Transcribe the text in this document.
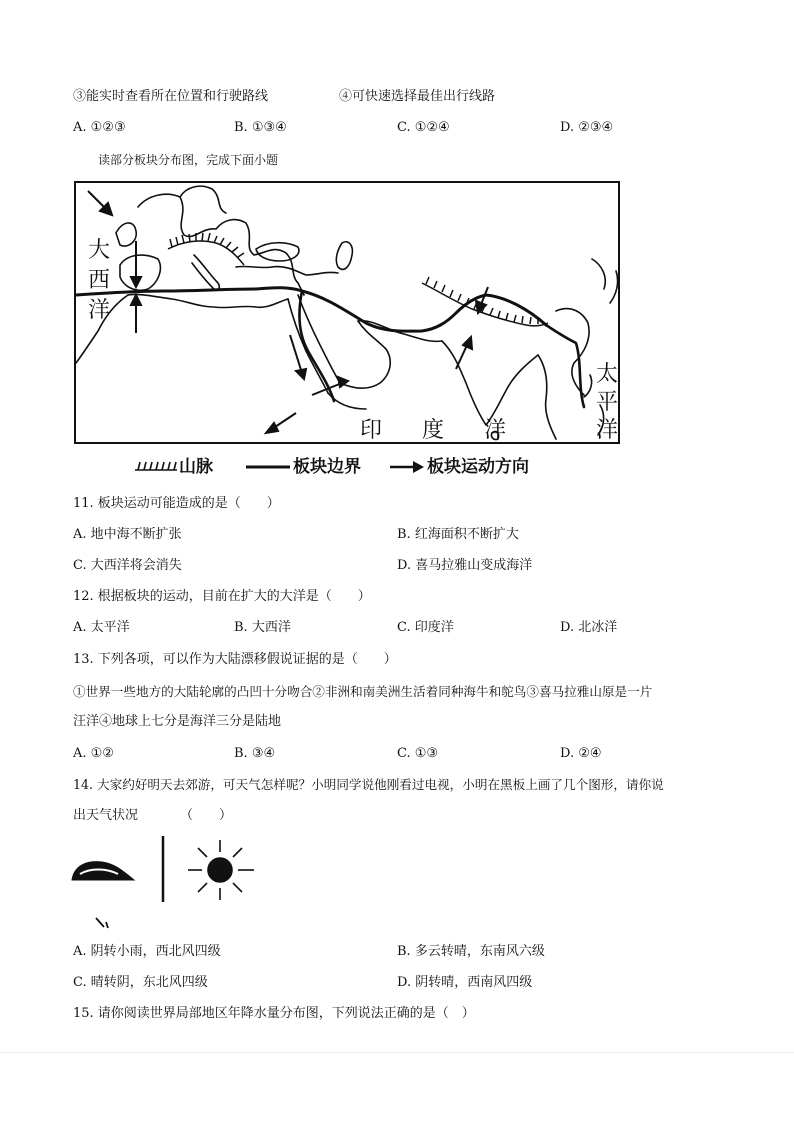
③能实时查看所在位置和行驶路线	④可快速选择最佳出行线路
A. ①②③	B. ①③④	C. ①②④	D. ②③④
读部分板块分布图，完成下面小题
大
西
洋
太
平
洋
印 度 洋
山脉	板块边界	板块运动方向
11. 板块运动可能造成的是（　　）
A. 地中海不断扩张	B. 红海面积不断扩大
C. 大西洋将会消失	D. 喜马拉雅山变成海洋
12. 根据板块的运动，目前在扩大的大洋是（　　）
A. 太平洋	B. 大西洋	C. 印度洋	D. 北冰洋
13. 下列各项，可以作为大陆漂移假说证据的是（　　）
①世界一些地方的大陆轮廓的凸凹十分吻合②非洲和南美洲生活着同种海牛和鸵鸟③喜马拉雅山原是一片
汪洋④地球上七分是海洋三分是陆地
A. ①②	B. ③④	C. ①③	D. ②④
14. 大家约好明天去郊游，可天气怎样呢？小明同学说他刚看过电视，小明在黑板上画了几个图形，请你说
出天气状况	（　　）
A. 阴转小雨，西北风四级	B. 多云转晴，东南风六级
C. 晴转阴，东北风四级	D. 阴转晴，西南风四级
15. 请你阅读世界局部地区年降水量分布图，下列说法正确的是（　）
